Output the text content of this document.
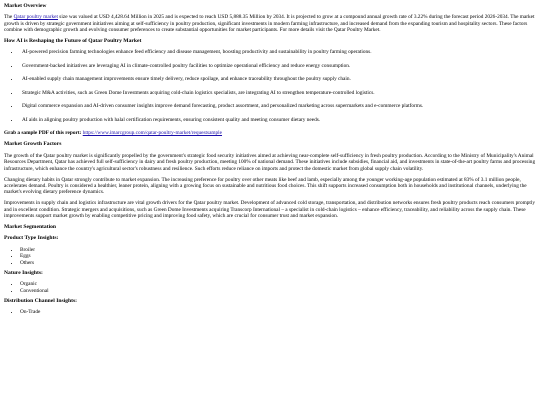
Market Overview

The Qatar poultry market size was valued at USD 4,428.64 Million in 2025 and is expected to reach USD 5,888.35 Million by 2034. It is projected to grow at a compound annual growth rate of 3.22% during the forecast period 2026-2034. The market growth is driven by strategic government initiatives aiming at self-sufficiency in poultry production, significant investments in modern farming infrastructure, and increased demand from the expanding tourism and hospitality sectors. These factors combine with demographic growth and evolving consumer preferences to create substantial opportunities for market participants. For more details visit the Qatar Poultry Market.

How AI is Reshaping the Future of Qatar Poultry Market
• AI-powered precision farming technologies enhance feed efficiency and disease management, boosting productivity and sustainability in poultry farming operations.
• Government-backed initiatives are leveraging AI in climate-controlled poultry facilities to optimize operational efficiency and reduce energy consumption.
• AI-enabled supply chain management improvements ensure timely delivery, reduce spoilage, and enhance traceability throughout the poultry supply chain.
• Strategic M&A activities, such as Green Dome Investments acquiring cold-chain logistics specialists, are integrating AI to strengthen temperature-controlled logistics.
• Digital commerce expansion and AI-driven consumer insights improve demand forecasting, product assortment, and personalized marketing across supermarkets and e-commerce platforms.
• AI aids in aligning poultry production with halal certification requirements, ensuring consistent quality and meeting consumer dietary needs.

Grab a sample PDF of this report: https://www.imarcgroup.com/qatar-poultry-market/requestsample

Market Growth Factors

The growth of the Qatar poultry market is significantly propelled by the government's strategic food security initiatives aimed at achieving near-complete self-sufficiency in fresh poultry production. According to the Ministry of Municipality's Animal Resources Department, Qatar has achieved full self-sufficiency in dairy and fresh poultry production, meeting 100% of national demand. These initiatives include subsidies, financial aid, and investments in state-of-the-art poultry farms and processing infrastructure, which enhance the country's agricultural sector's robustness and resilience. Such efforts reduce reliance on imports and protect the domestic market from global supply chain volatility.

Changing dietary habits in Qatar strongly contribute to market expansion. The increasing preference for poultry over other meats like beef and lamb, especially among the younger working-age population estimated at 83% of 3.1 million people, accelerates demand. Poultry is considered a healthier, leaner protein, aligning with a growing focus on sustainable and nutritious food choices. This shift supports increased consumption both in households and institutional channels, underlying the market's evolving dietary preference dynamics.

Improvements in supply chain and logistics infrastructure are vital growth drivers for the Qatar poultry market. Development of advanced cold storage, transportation, and distribution networks ensures fresh poultry products reach consumers promptly and in excellent condition. Strategic mergers and acquisitions, such as Green Dome Investments acquiring Transcorp International – a specialist in cold-chain logistics – enhance efficiency, traceability, and reliability across the supply chain. These improvements support market growth by enabling competitive pricing and improving food safety, which are crucial for consumer trust and market expansion.

Market Segmentation
Product Type Insights:
• Broiler
• Eggs
• Others
Nature Insights:
• Organic
• Conventional
Distribution Channel Insights:
• On-Trade
